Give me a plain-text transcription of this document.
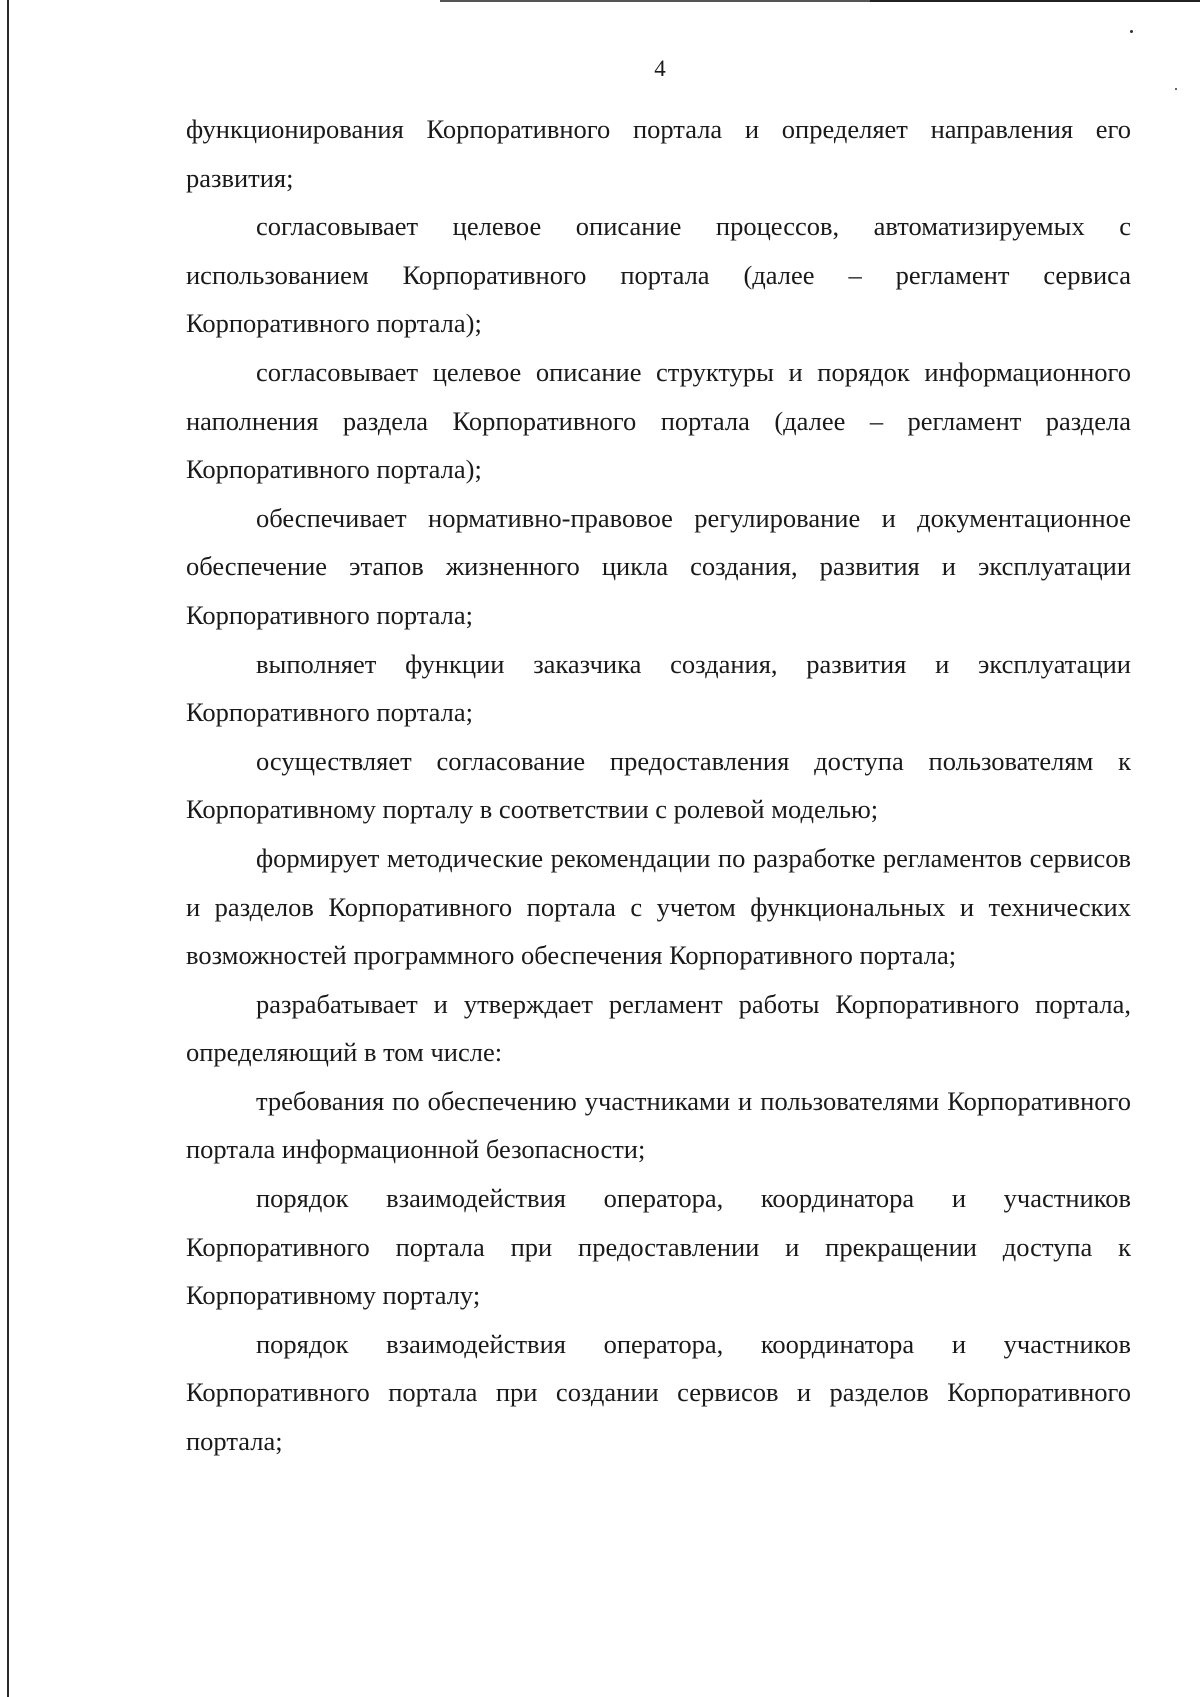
4

функционирования Корпоративного портала и определяет направления его развития;

согласовывает целевое описание процессов, автоматизируемых с использованием Корпоративного портала (далее – регламент сервиса Корпоративного портала);

согласовывает целевое описание структуры и порядок информационного наполнения раздела Корпоративного портала (далее – регламент раздела Корпоративного портала);

обеспечивает нормативно-правовое регулирование и документационное обеспечение этапов жизненного цикла создания, развития и эксплуатации Корпоративного портала;

выполняет функции заказчика создания, развития и эксплуатации Корпоративного портала;

осуществляет согласование предоставления доступа пользователям к Корпоративному порталу в соответствии с ролевой моделью;

формирует методические рекомендации по разработке регламентов сервисов и разделов Корпоративного портала с учетом функциональных и технических возможностей программного обеспечения Корпоративного портала;

разрабатывает и утверждает регламент работы Корпоративного портала, определяющий в том числе:

требования по обеспечению участниками и пользователями Корпоративного портала информационной безопасности;

порядок взаимодействия оператора, координатора и участников Корпоративного портала при предоставлении и прекращении доступа к Корпоративному порталу;

порядок взаимодействия оператора, координатора и участников Корпоративного портала при создании сервисов и разделов Корпоративного портала;
